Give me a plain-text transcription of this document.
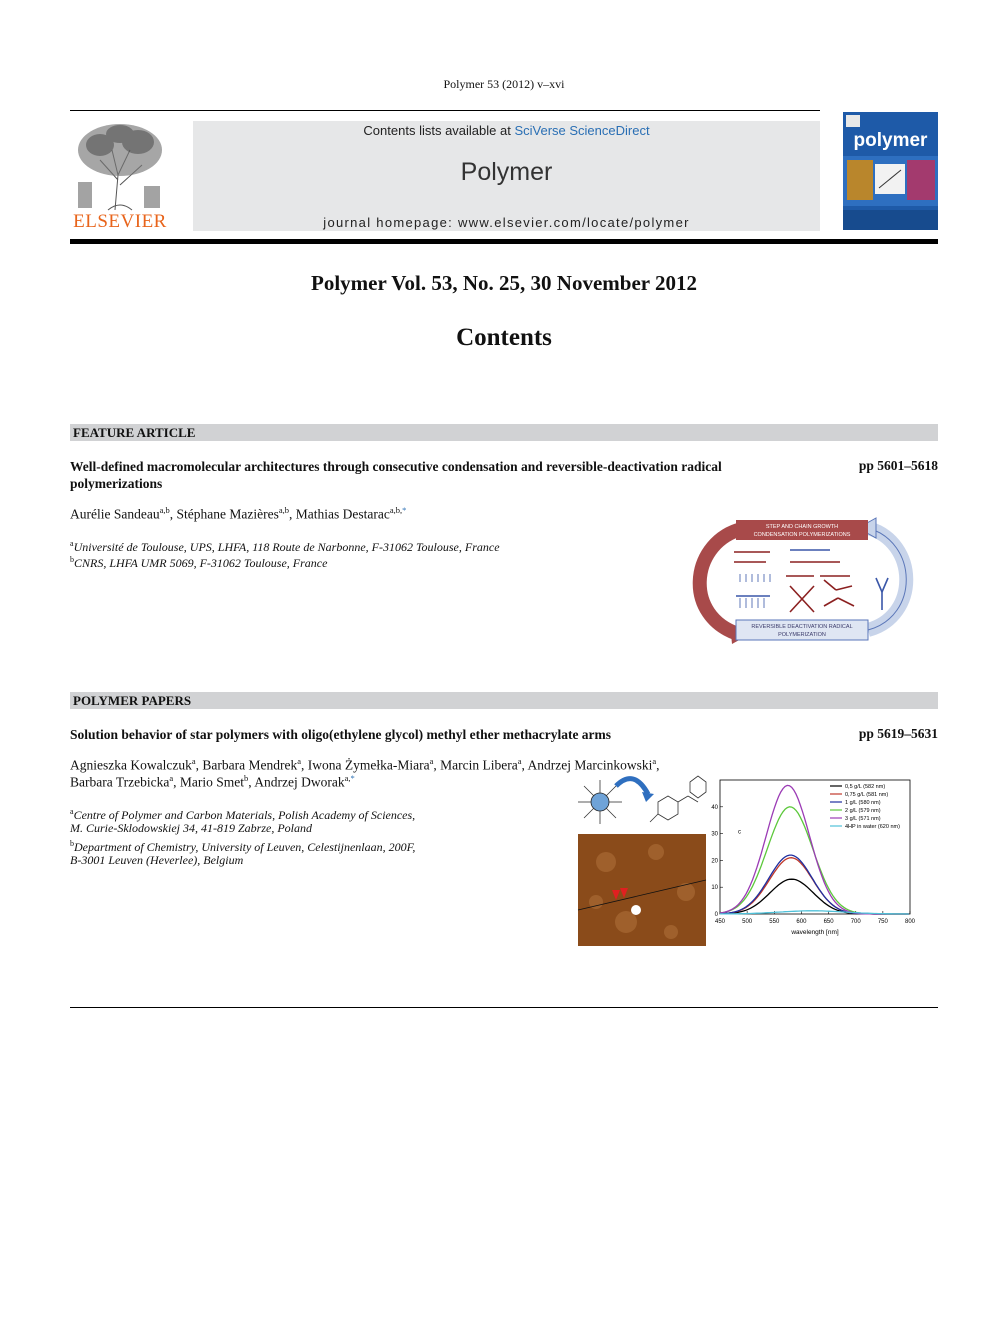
Polymer 53 (2012) v–xvi
ELSEVIER
Contents lists available at SciVerse ScienceDirect
Polymer
journal homepage: www.elsevier.com/locate/polymer
polymer
Polymer Vol. 53, No. 25, 30 November 2012
Contents
FEATURE ARTICLE
Well-defined macromolecular architectures through consecutive condensation and reversible-deactivation radical polymerizations
pp 5601–5618
Aurélie Sandeau$^{a,b}$, Stéphane Mazières$^{a,b}$, Mathias Destarac$^{a,b,*}$
$^a$Université de Toulouse, UPS, LHFA, 118 Route de Narbonne, F-31062 Toulouse, France
$^b$CNRS, LHFA UMR 5069, F-31062 Toulouse, France
STEP AND CHAIN GROWTH
CONDENSATION POLYMERIZATIONS
REVERSIBLE DEACTIVATION RADICAL
POLYMERIZATION
POLYMER PAPERS
Solution behavior of star polymers with oligo(ethylene glycol) methyl ether methacrylate arms	pp 5619–5631
Agnieszka Kowalczuk$^a$, Barbara Mendrek$^a$, Iwona Żymełka-Miara$^a$, Marcin Libera$^a$, Andrzej Marcinkowski$^a$,
Barbara Trzebicka$^a$, Mario Smet$^b$, Andrzej Dworak$^{a,*}$
$^a$Centre of Polymer and Carbon Materials, Polish Academy of Sciences,
M. Curie-Sklodowskiej 34, 41-819 Zabrze, Poland
$^b$Department of Chemistry, University of Leuven, Celestijnenlaan, 200F,
B-3001 Leuven (Heverlee), Belgium
450	500	550	600	650	700	750	800
0
10
20
30
40
wavelength [nm]
c
0,5 g/L (582 nm)
0,75 g/L (581 nm)
1 g/L (580 nm)
2 g/L (579 nm)
3 g/L (571 nm)
4HP in water (620 nm)
